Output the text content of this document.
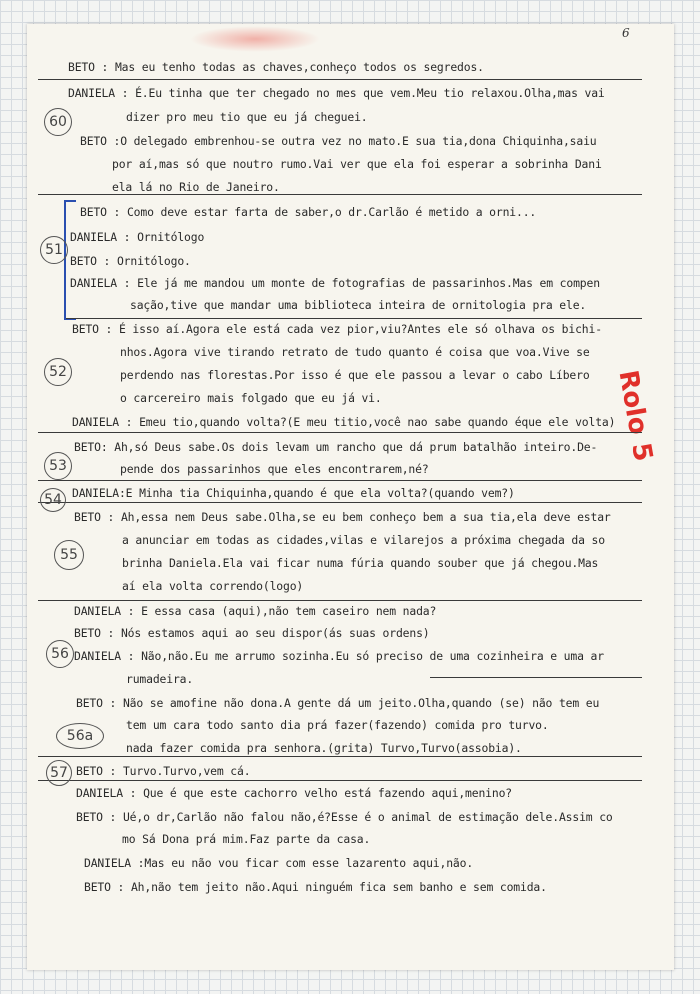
6
60
51
52
53
54
55
56
56a
57
BETO : Mas eu tenho todas as chaves,conheço todos os segredos.
DANIELA : É.Eu tinha que ter chegado no mes que vem.Meu tio relaxou.Olha,mas vai
dizer pro meu tio que eu já cheguei.
BETO :O delegado embrenhou-se outra vez no mato.E sua tia,dona Chiquinha,saiu
por aí,mas só que noutro rumo.Vai ver que ela foi esperar a sobrinha Dani
ela lá no Rio de Janeiro.
BETO : Como deve estar farta de saber,o dr.Carlão é metido a orni...
DANIELA : Ornitólogo
BETO : Ornitólogo.
DANIELA : Ele já me mandou um monte de fotografias de passarinhos.Mas em compen
sação,tive que mandar uma biblioteca inteira de ornitologia pra ele.
BETO : É isso aí.Agora ele está cada vez pior,viu?Antes ele só olhava os bichi-
nhos.Agora vive tirando retrato de tudo quanto é coisa que voa.Vive se
perdendo nas florestas.Por isso é que ele passou a levar o cabo Líbero
o carcereiro mais folgado que eu já vi.
DANIELA : Emeu tio,quando volta?(E meu titio,você nao sabe quando éque ele volta)
BETO: Ah,só Deus sabe.Os dois levam um rancho que dá prum batalhão inteiro.De-
pende dos passarinhos que eles encontrarem,né?
DANIELA:E Minha tia Chiquinha,quando é que ela volta?(quando vem?)
BETO : Ah,essa nem Deus sabe.Olha,se eu bem conheço bem a sua tia,ela deve estar
a anunciar em todas as cidades,vilas e vilarejos a próxima chegada da so
brinha Daniela.Ela vai ficar numa fúria quando souber que já chegou.Mas
aí ela volta correndo(logo)
DANIELA : E essa casa (aqui),não tem caseiro nem nada?
BETO : Nós estamos aqui ao seu dispor(ás suas ordens)
DANIELA : Não,não.Eu me arrumo sozinha.Eu só preciso de uma cozinheira e uma ar
rumadeira.
BETO : Não se amofine não dona.A gente dá um jeito.Olha,quando (se) não tem eu
tem um cara todo santo dia prá fazer(fazendo) comida pro turvo.
nada fazer comida pra senhora.(grita) Turvo,Turvo(assobia).
BETO : Turvo.Turvo,vem cá.
DANIELA : Que é que este cachorro velho está fazendo aqui,menino?
BETO : Ué,o dr,Carlão não falou não,é?Esse é o animal de estimação dele.Assim co
mo Sá Dona prá mim.Faz parte da casa.
DANIELA :Mas eu não vou ficar com esse lazarento aqui,não.
BETO : Ah,não tem jeito não.Aqui ninguém fica sem banho e sem comida.
